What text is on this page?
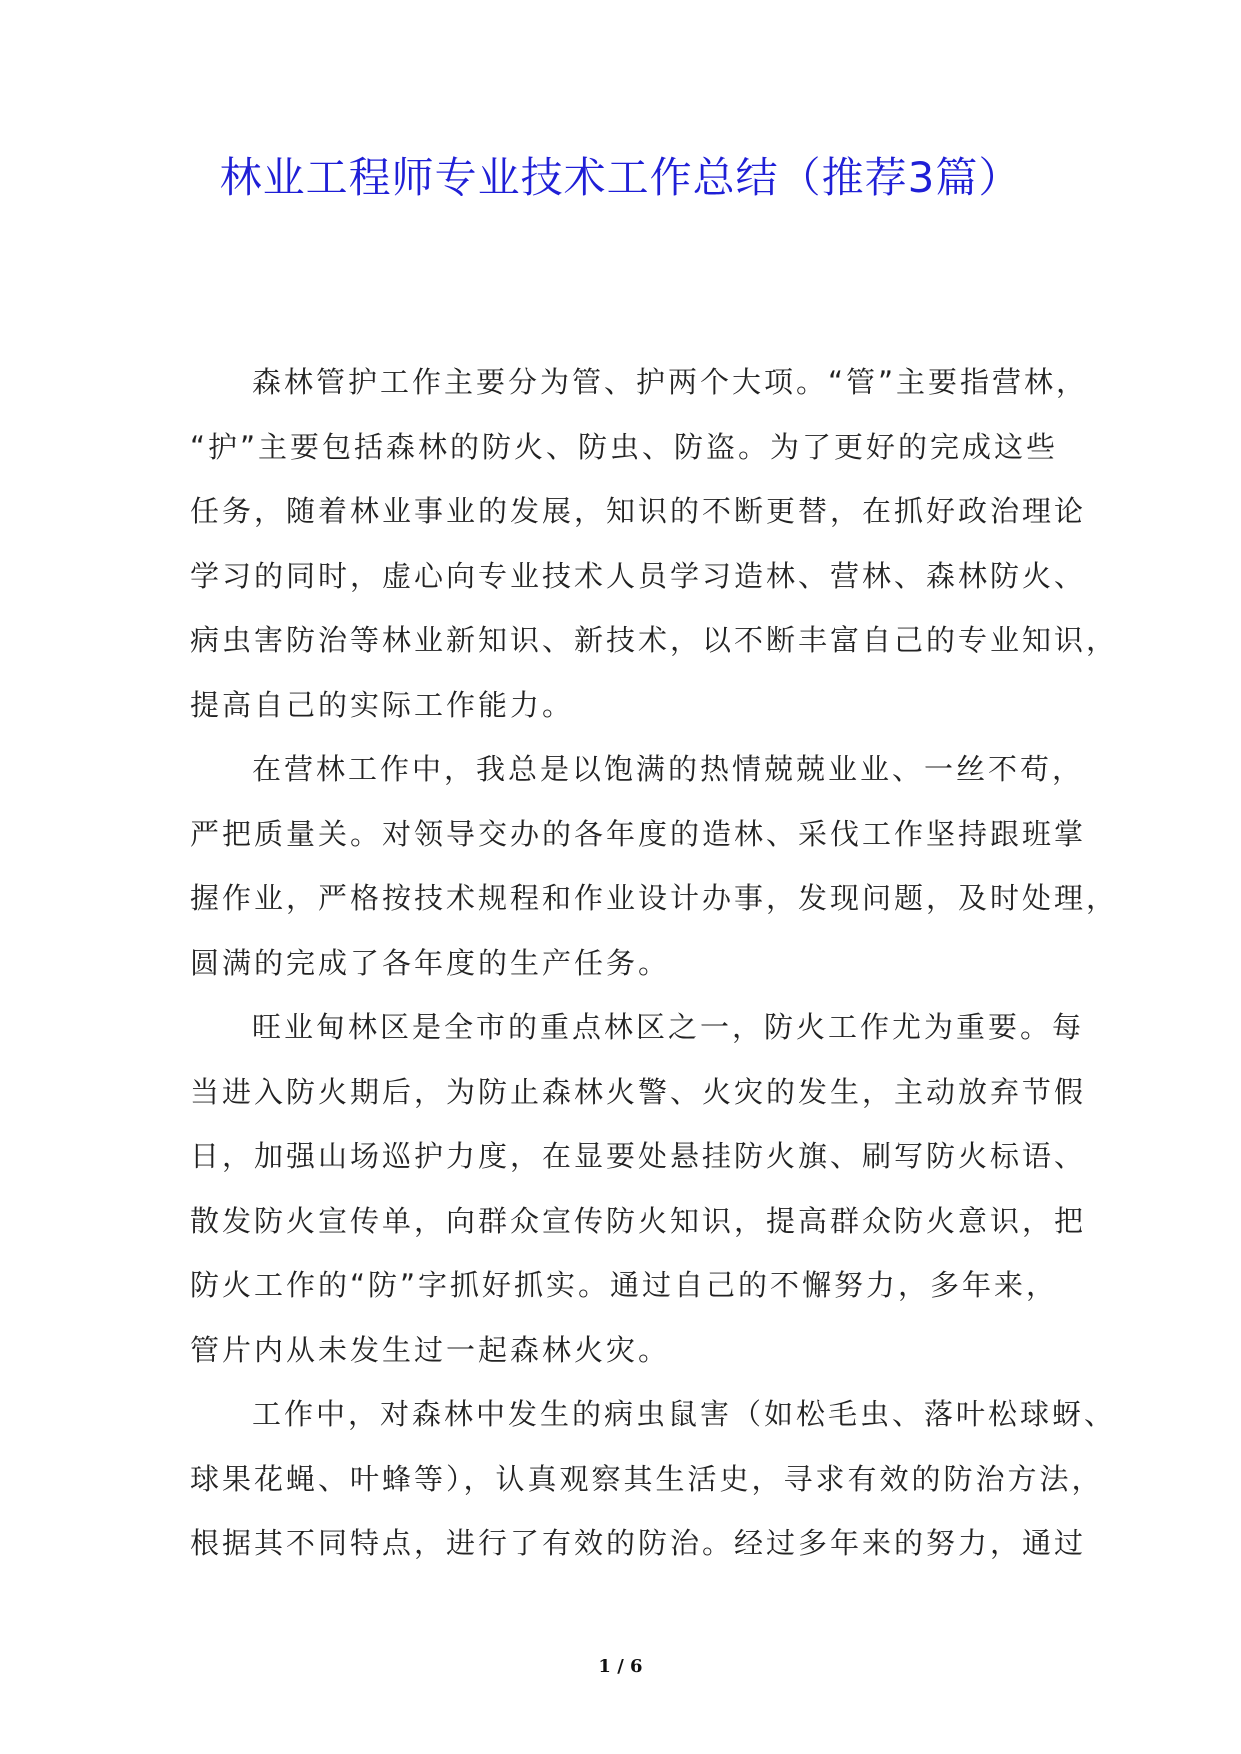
林业工程师专业技术工作总结（推荐3篇）

森林管护工作主要分为管、护两个大项。“管”主要指营林，
“护”主要包括森林的防火、防虫、防盗。为了更好的完成这些
任务，随着林业事业的发展，知识的不断更替，在抓好政治理论
学习的同时，虚心向专业技术人员学习造林、营林、森林防火、
病虫害防治等林业新知识、新技术，以不断丰富自己的专业知识，
提高自己的实际工作能力。

在营林工作中，我总是以饱满的热情兢兢业业、一丝不苟，
严把质量关。对领导交办的各年度的造林、采伐工作坚持跟班掌
握作业，严格按技术规程和作业设计办事，发现问题，及时处理，
圆满的完成了各年度的生产任务。

旺业甸林区是全市的重点林区之一，防火工作尤为重要。每
当进入防火期后，为防止森林火警、火灾的发生，主动放弃节假
日，加强山场巡护力度，在显要处悬挂防火旗、刷写防火标语、
散发防火宣传单，向群众宣传防火知识，提高群众防火意识，把
防火工作的“防”字抓好抓实。通过自己的不懈努力，多年来，
管片内从未发生过一起森林火灾。

工作中，对森林中发生的病虫鼠害（如松毛虫、落叶松球蚜、
球果花蝇、叶蜂等），认真观察其生活史，寻求有效的防治方法，
根据其不同特点，进行了有效的防治。经过多年来的努力，通过

1 / 6
